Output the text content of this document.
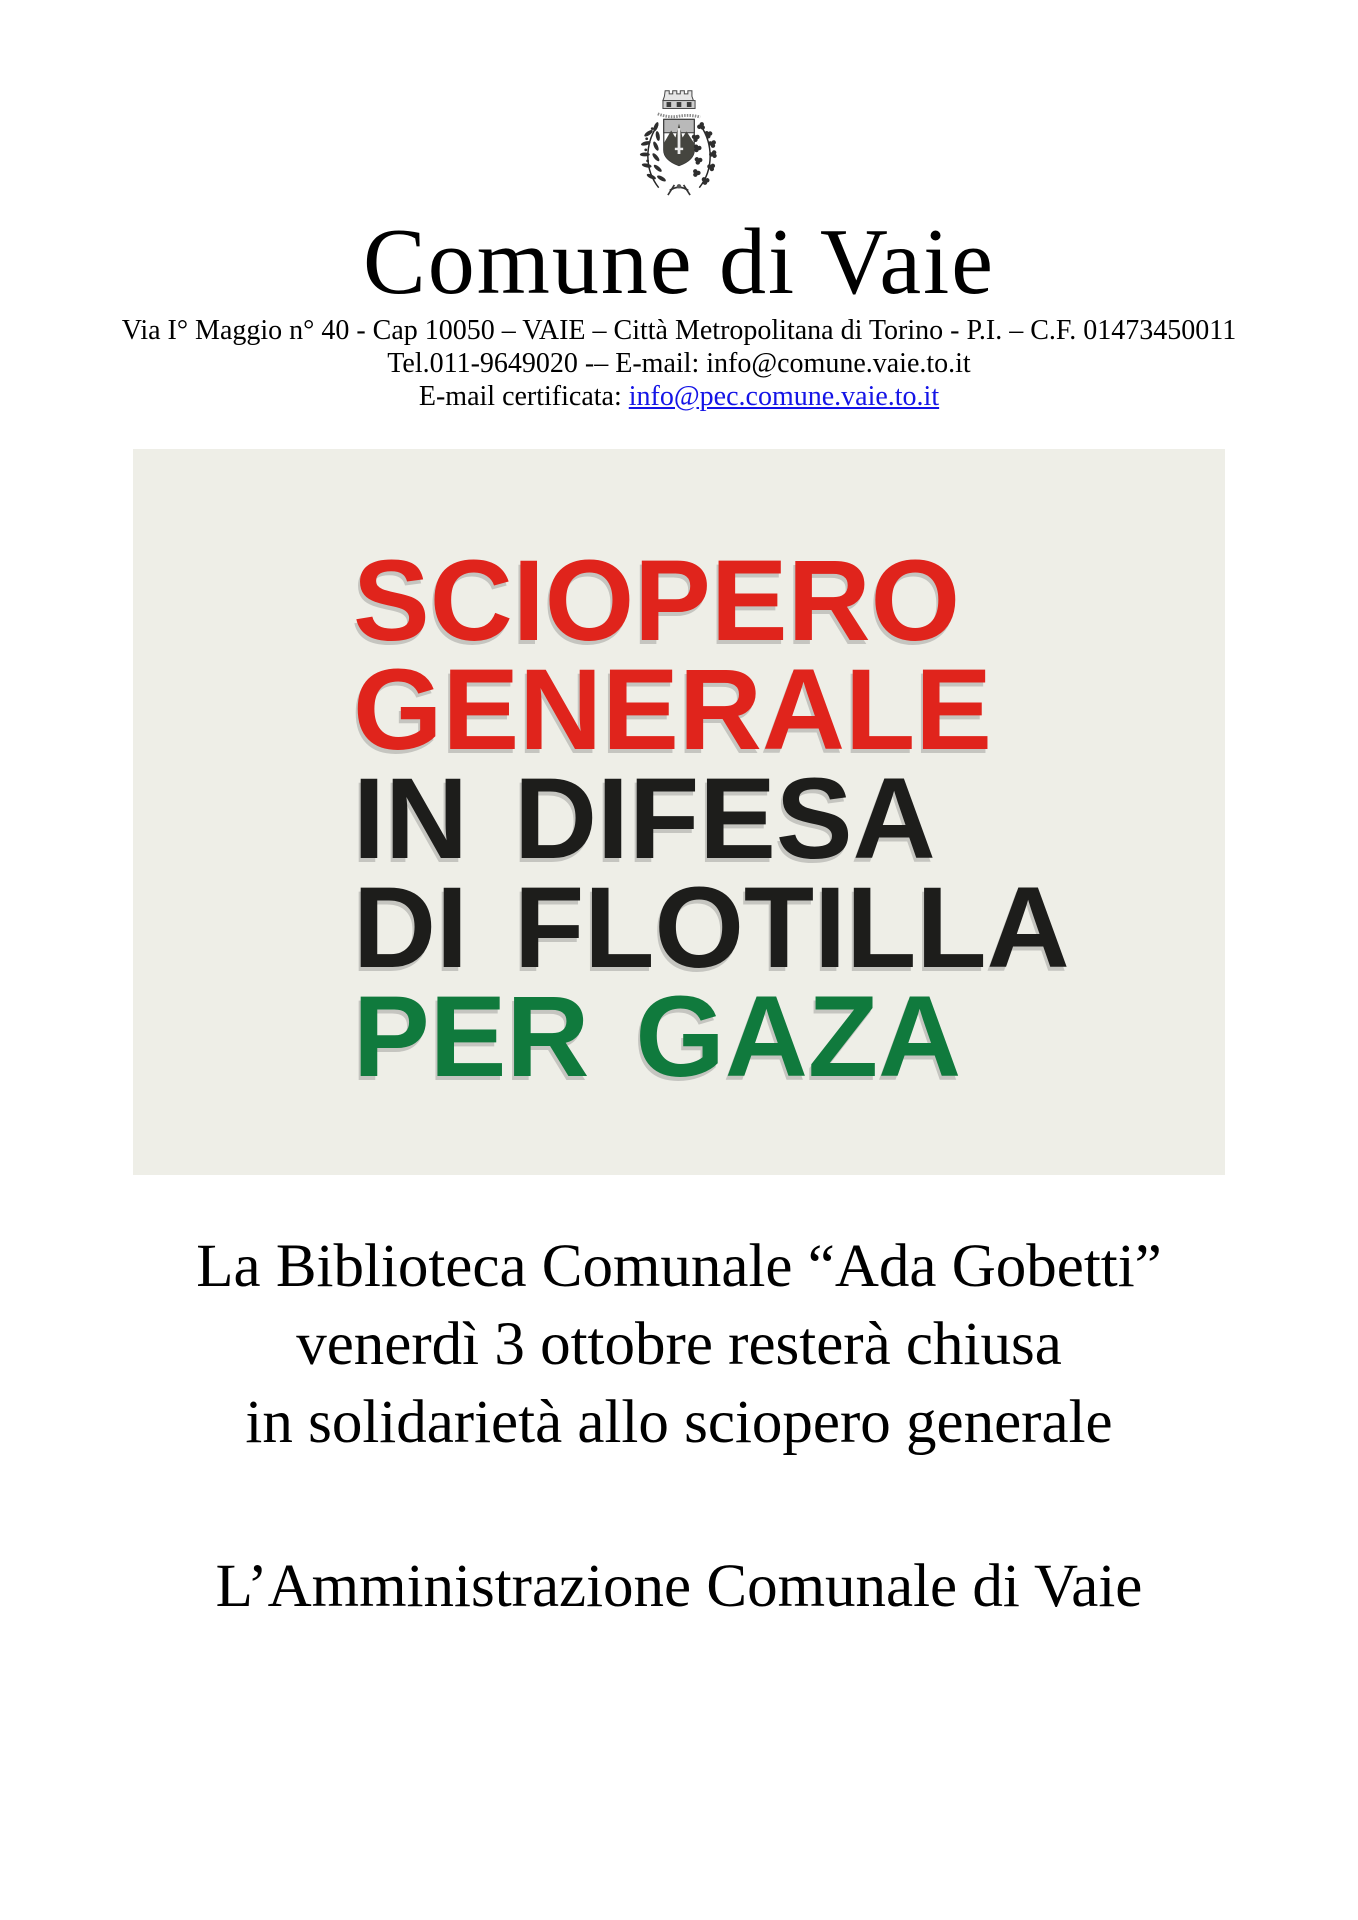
Comune di Vaie
Via I° Maggio n° 40 - Cap 10050 – VAIE – Città Metropolitana di Torino - P.I. – C.F. 01473450011
Tel.011-9649020 -– E-mail: info@comune.vaie.to.it
E-mail certificata: info@pec.comune.vaie.to.it
SCIOPERO
GENERALE
IN DIFESA
DI FLOTILLA
PER GAZA
La Biblioteca Comunale “Ada Gobetti”
venerdì 3 ottobre resterà chiusa
in solidarietà allo sciopero generale
L’Amministrazione Comunale di Vaie
